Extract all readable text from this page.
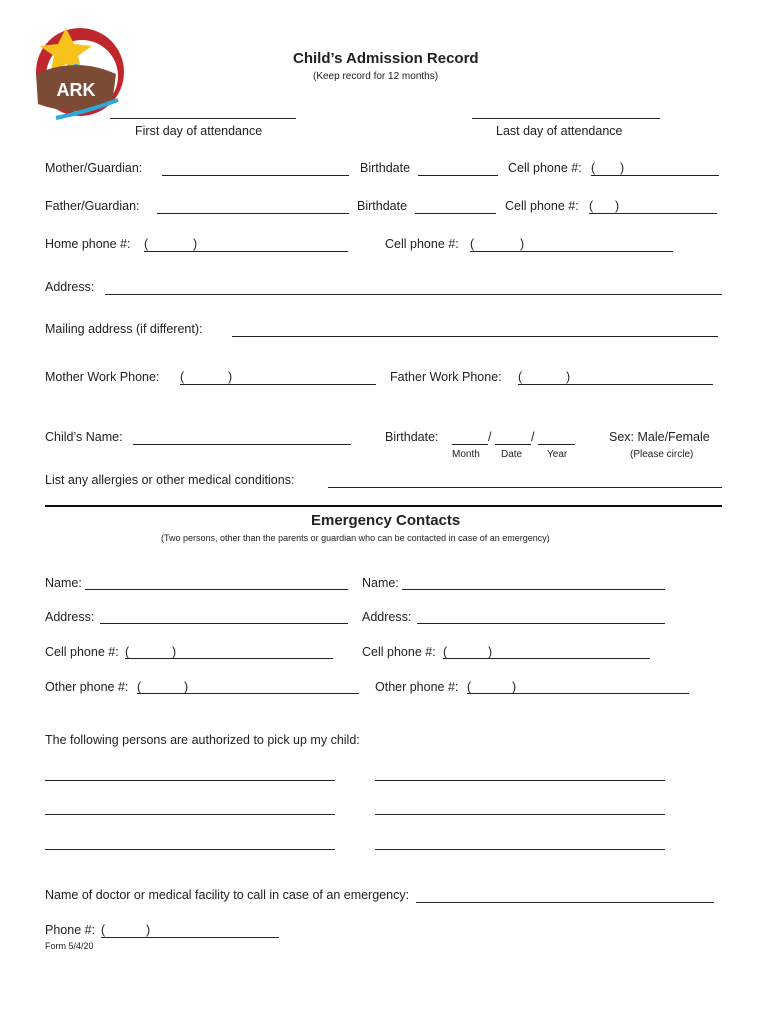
ARK
Child’s Admission Record
(Keep record for 12 months)
First day of attendance	Last day of attendance
Mother/Guardian:	Birthdate	Cell phone #: ( )
Father/Guardian:	Birthdate	Cell phone #: ( )
Home phone #: (	)	Cell phone #: (	)
Address:
Mailing address (if different):
Mother Work Phone: (	)	Father Work Phone: (	)
Child’s Name:	Birthdate:	/	/
Month Date Year
Sex: Male/Female
(Please circle)
List any allergies or other medical conditions:
Emergency Contacts
(Two persons, other than the parents or guardian who can be contacted in case of an emergency)
Name:	Name:
Address:	Address:
Cell phone #: (	)	Cell phone #: (	)
Other phone #: (	)	Other phone #: (	)
The following persons are authorized to pick up my child:
Name of doctor or medical facility to call in case of an emergency:
Phone #: (	)
Form 5/4/20
